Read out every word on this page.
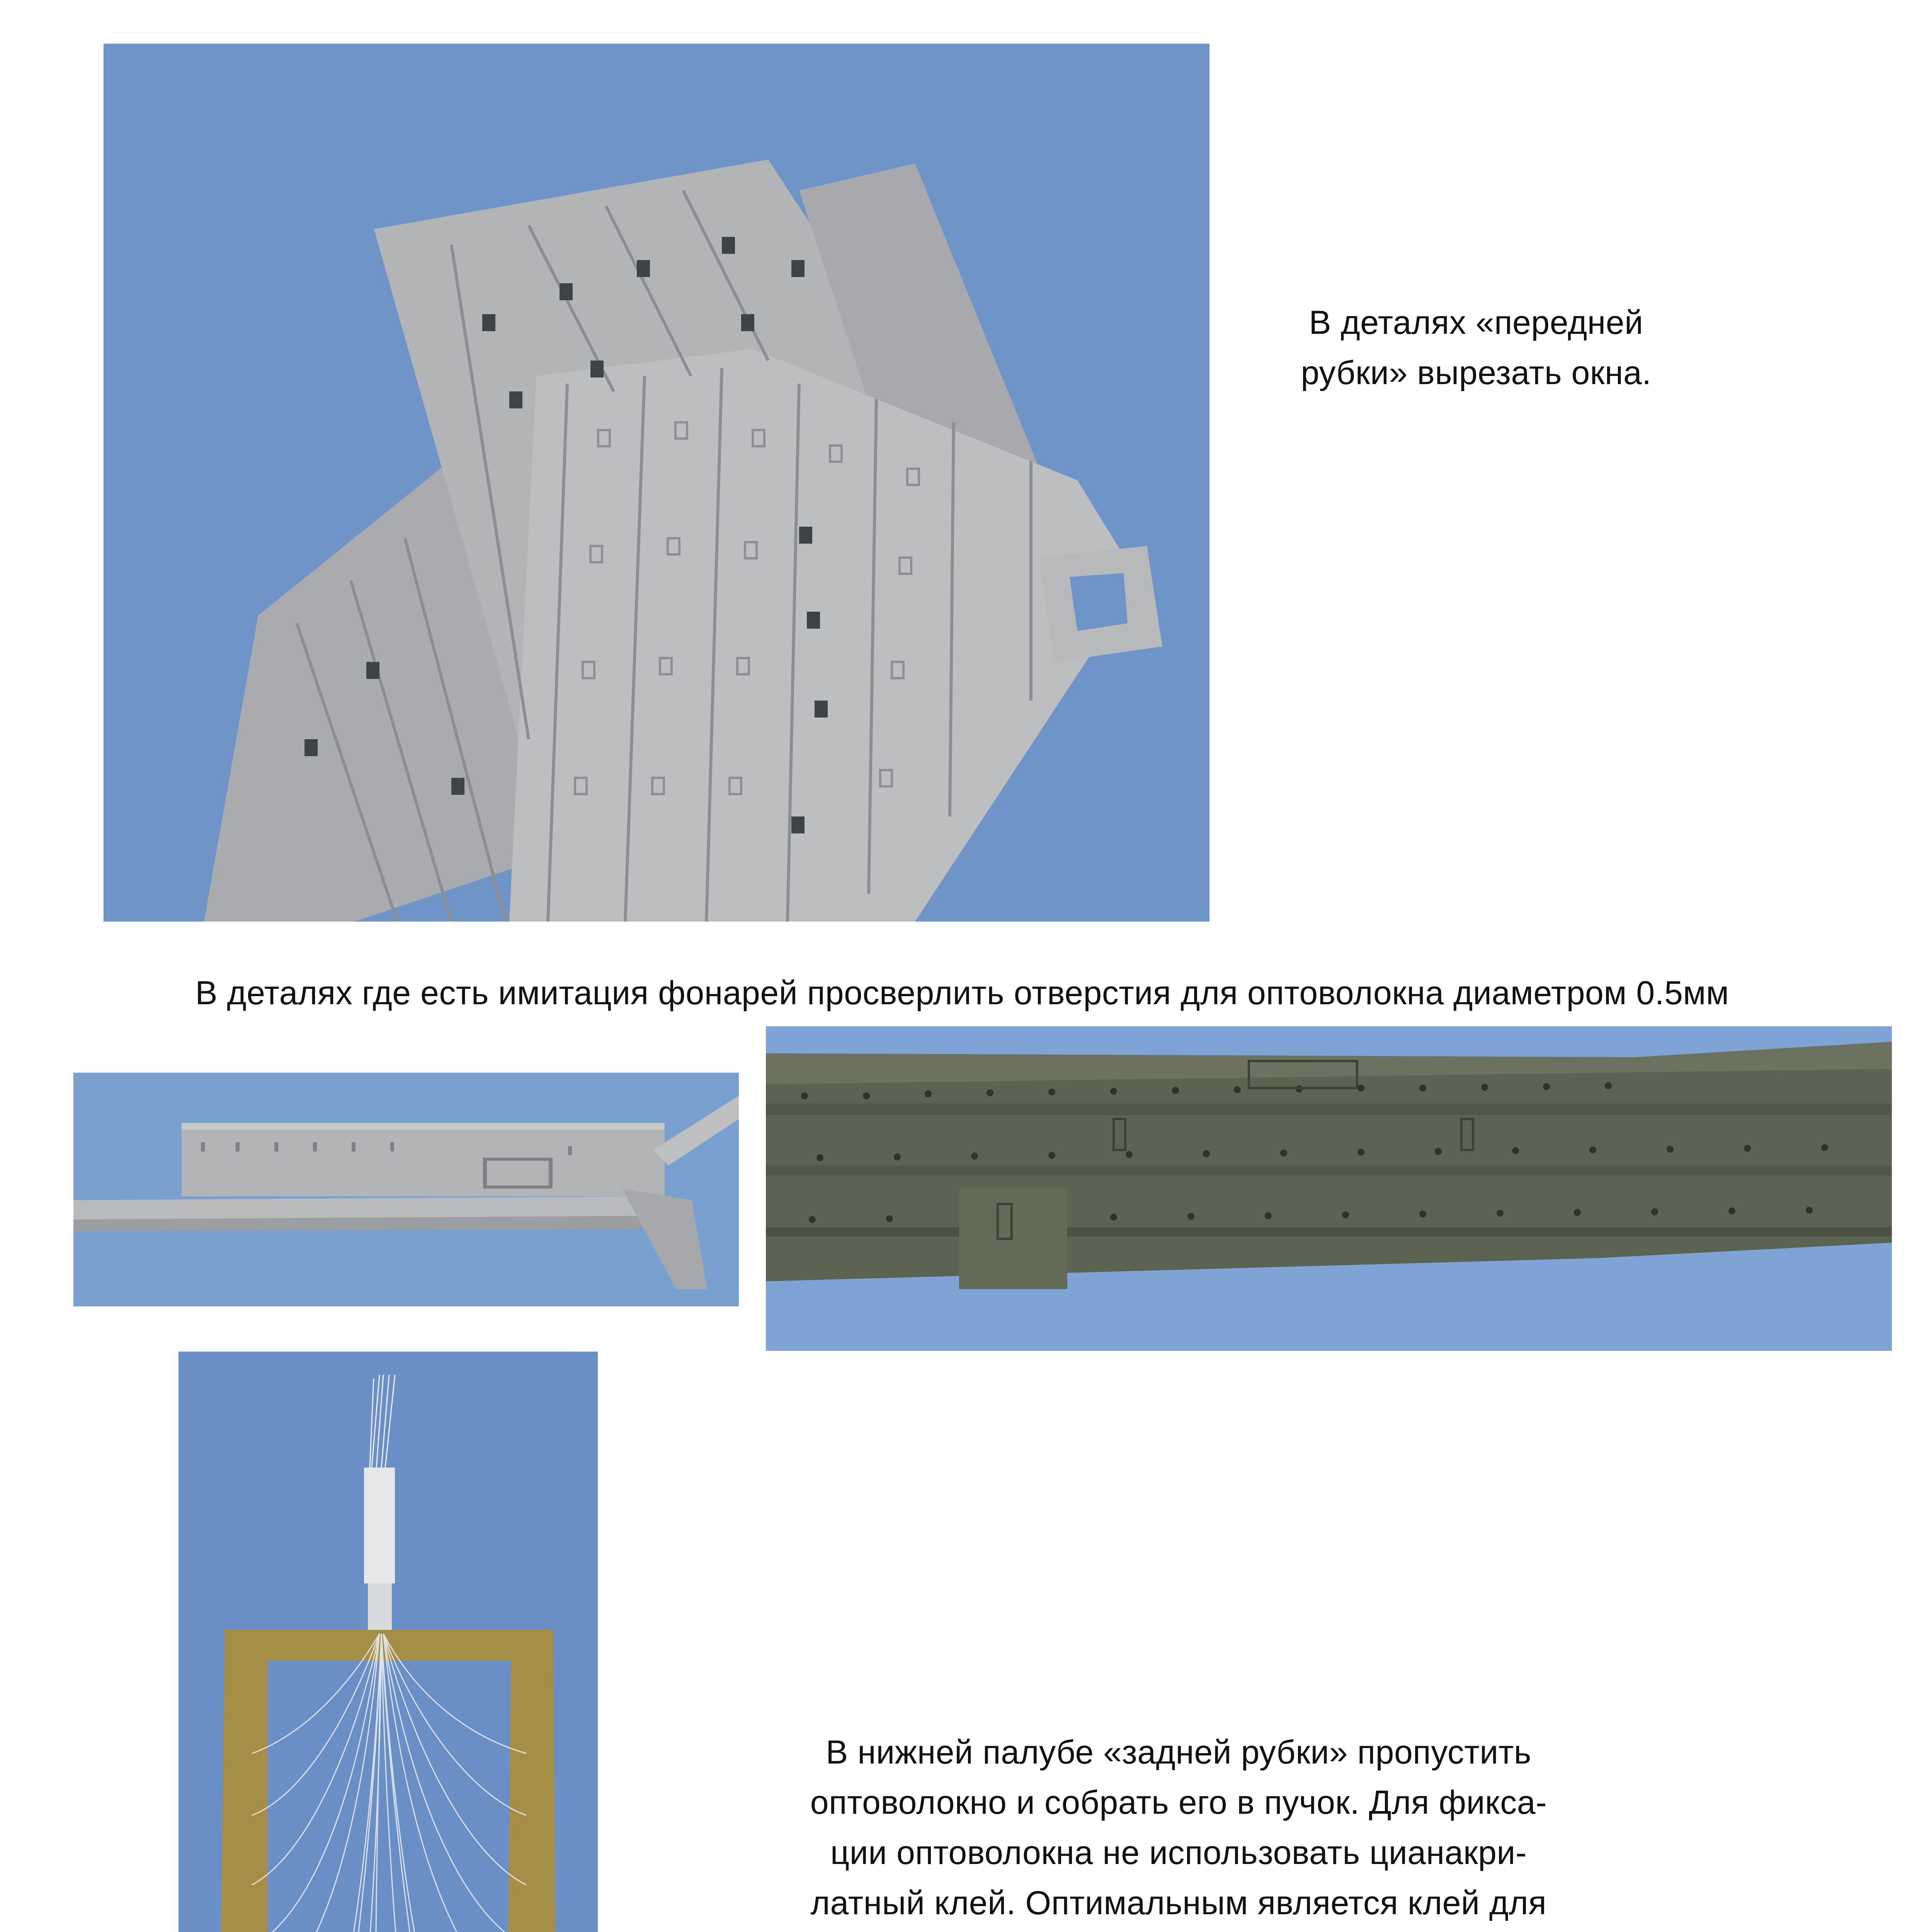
В деталях «передней
рубки» вырезать окна.
В деталях где есть имитация фонарей просверлить отверстия для оптоволокна диаметром 0.5мм
В нижней палубе «задней рубки» пропустить
оптоволокно и собрать его в пучок. Для фикса-
ции оптоволокна не использовать цианакри-
латный клей. Оптимальным является клей для
